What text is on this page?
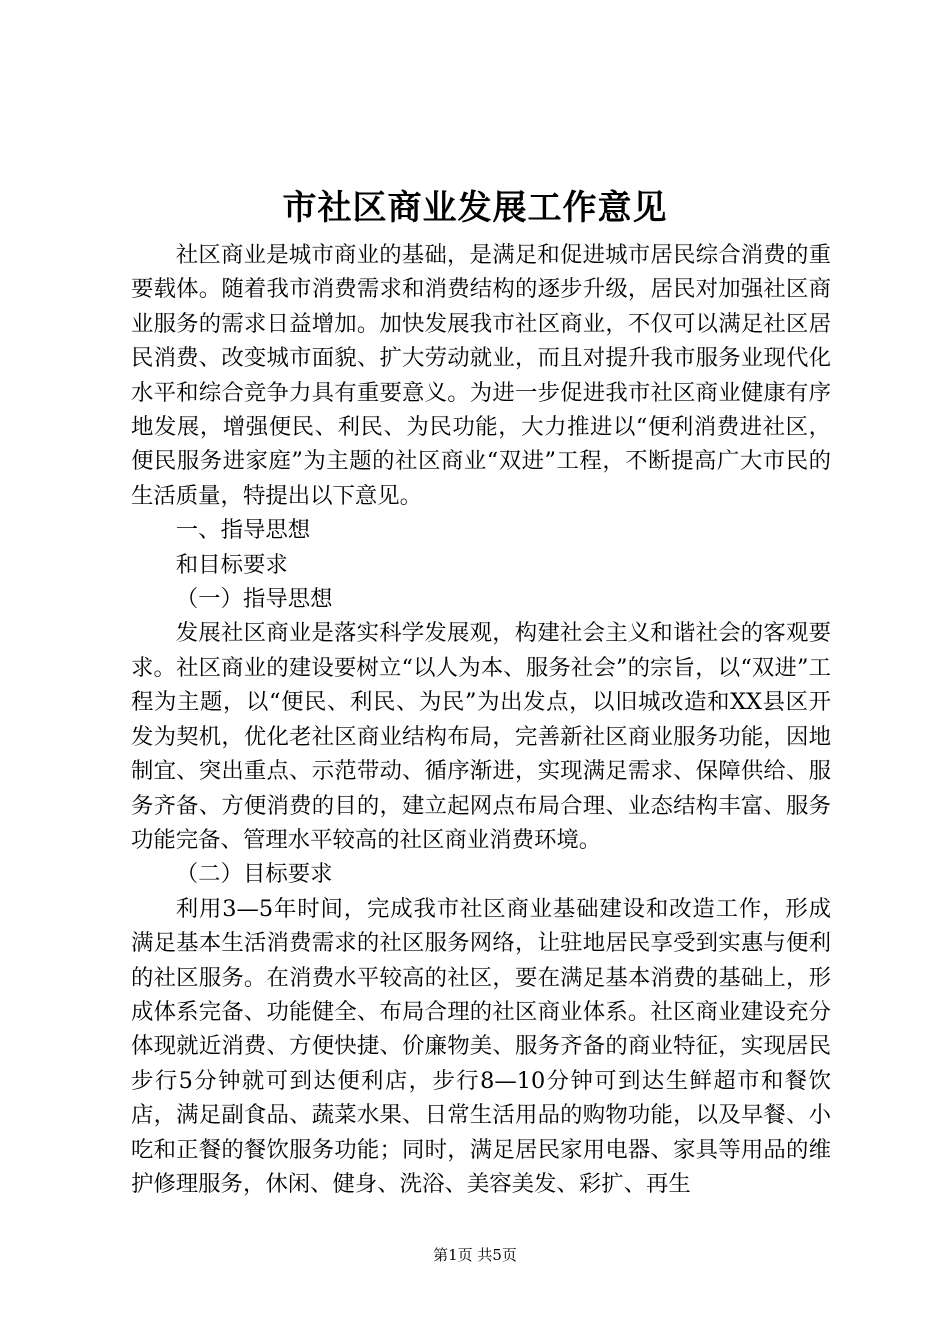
市社区商业发展工作意见

社区商业是城市商业的基础，是满足和促进城市居民综合消费的重要载体。随着我市消费需求和消费结构的逐步升级，居民对加强社区商业服务的需求日益增加。加快发展我市社区商业，不仅可以满足社区居民消费、改变城市面貌、扩大劳动就业，而且对提升我市服务业现代化水平和综合竞争力具有重要意义。为进一步促进我市社区商业健康有序地发展，增强便民、利民、为民功能，大力推进以“便利消费进社区，便民服务进家庭”为主题的社区商业“双进”工程，不断提高广大市民的生活质量，特提出以下意见。

一、指导思想

和目标要求

（一）指导思想

发展社区商业是落实科学发展观，构建社会主义和谐社会的客观要求。社区商业的建设要树立“以人为本、服务社会”的宗旨，以“双进”工程为主题，以“便民、利民、为民”为出发点，以旧城改造和XX县区开发为契机，优化老社区商业结构布局，完善新社区商业服务功能，因地制宜、突出重点、示范带动、循序渐进，实现满足需求、保障供给、服务齐备、方便消费的目的，建立起网点布局合理、业态结构丰富、服务功能完备、管理水平较高的社区商业消费环境。

（二）目标要求

利用3—5年时间，完成我市社区商业基础建设和改造工作，形成满足基本生活消费需求的社区服务网络，让驻地居民享受到实惠与便利的社区服务。在消费水平较高的社区，要在满足基本消费的基础上，形成体系完备、功能健全、布局合理的社区商业体系。社区商业建设充分体现就近消费、方便快捷、价廉物美、服务齐备的商业特征，实现居民步行5分钟就可到达便利店，步行8—10分钟可到达生鲜超市和餐饮店，满足副食品、蔬菜水果、日常生活用品的购物功能，以及早餐、小吃和正餐的餐饮服务功能；同时，满足居民家用电器、家具等用品的维护修理服务，休闲、健身、洗浴、美容美发、彩扩、再生

第1页 共5页
